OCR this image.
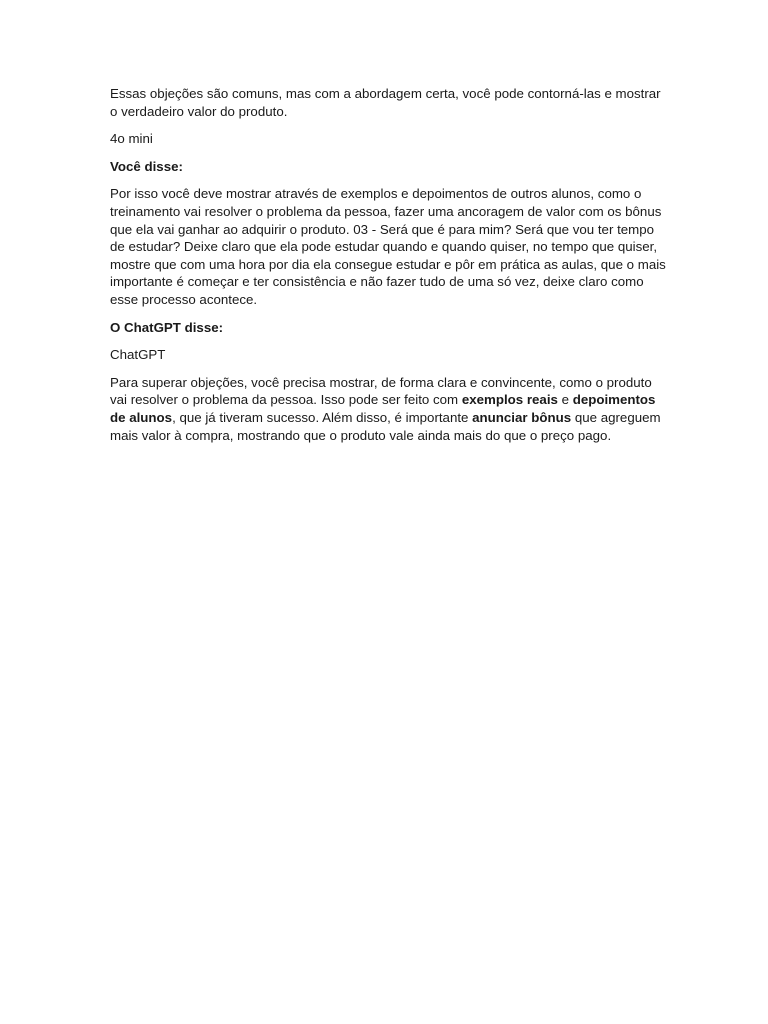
Essas objeções são comuns, mas com a abordagem certa, você pode contorná-las e mostrar o verdadeiro valor do produto.

4o mini

Você disse:

Por isso você deve mostrar através de exemplos e depoimentos de outros alunos, como o treinamento vai resolver o problema da pessoa, fazer uma ancoragem de valor com os bônus que ela vai ganhar ao adquirir o produto. 03 - Será que é para mim? Será que vou ter tempo de estudar? Deixe claro que ela pode estudar quando e quando quiser, no tempo que quiser, mostre que com uma hora por dia ela consegue estudar e pôr em prática as aulas, que o mais importante é começar e ter consistência e não fazer tudo de uma só vez, deixe claro como esse processo acontece.

O ChatGPT disse:

ChatGPT

Para superar objeções, você precisa mostrar, de forma clara e convincente, como o produto vai resolver o problema da pessoa. Isso pode ser feito com exemplos reais e depoimentos de alunos, que já tiveram sucesso. Além disso, é importante anunciar bônus que agreguem mais valor à compra, mostrando que o produto vale ainda mais do que o preço pago.
